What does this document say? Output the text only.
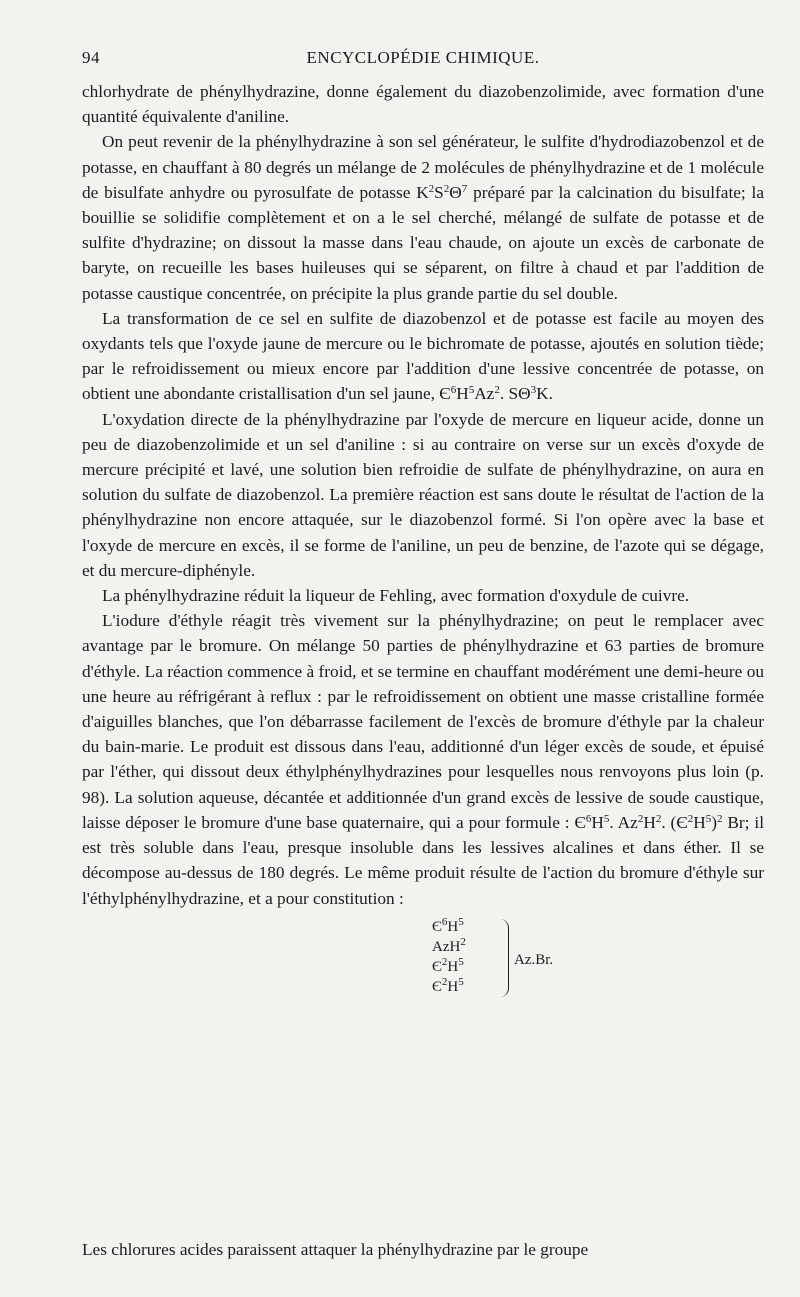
94	ENCYCLOPÉDIE CHIMIQUE.

chlorhydrate de phénylhydrazine, donne également du diazobenzolimide, avec formation d'une quantité équivalente d'aniline.

On peut revenir de la phénylhydrazine à son sel générateur, le sulfite d'hydrodiazobenzol et de potasse, en chauffant à 80 degrés un mélange de 2 molécules de phénylhydrazine et de 1 molécule de bisulfate anhydre ou pyrosulfate de potasse $K^2S^2\Theta^7$ préparé par la calcination du bisulfate; la bouillie se solidifie complètement et on a le sel cherché, mélangé de sulfate de potasse et de sulfite d'hydrazine; on dissout la masse dans l'eau chaude, on ajoute un excès de carbonate de baryte, on recueille les bases huileuses qui se séparent, on filtre à chaud et par l'addition de potasse caustique concentrée, on précipite la plus grande partie du sel double.

La transformation de ce sel en sulfite de diazobenzol et de potasse est facile au moyen des oxydants tels que l'oxyde jaune de mercure ou le bichromate de potasse, ajoutés en solution tiède; par le refroidissement ou mieux encore par l'addition d'une lessive concentrée de potasse, on obtient une abondante cristallisation d'un sel jaune, $Є^6H^5Az^2$. $S\Theta^3K$.

L'oxydation directe de la phénylhydrazine par l'oxyde de mercure en liqueur acide, donne un peu de diazobenzolimide et un sel d'aniline : si au contraire on verse sur un excès d'oxyde de mercure précipité et lavé, une solution bien refroidie de sulfate de phénylhydrazine, on aura en solution du sulfate de diazobenzol. La première réaction est sans doute le résultat de l'action de la phénylhydrazine non encore attaquée, sur le diazobenzol formé. Si l'on opère avec la base et l'oxyde de mercure en excès, il se forme de l'aniline, un peu de benzine, de l'azote qui se dégage, et du mercure-diphényle.

La phénylhydrazine réduit la liqueur de Fehling, avec formation d'oxydule de cuivre.

L'iodure d'éthyle réagit très vivement sur la phénylhydrazine; on peut le remplacer avec avantage par le bromure. On mélange 50 parties de phénylhydrazine et 63 parties de bromure d'éthyle. La réaction commence à froid, et se termine en chauffant modérément une demi-heure ou une heure au réfrigérant à reflux : par le refroidissement on obtient une masse cristalline formée d'aiguilles blanches, que l'on débarrasse facilement de l'excès de bromure d'éthyle par la chaleur du bain-marie. Le produit est dissous dans l'eau, additionné d'un léger excès de soude, et épuisé par l'éther, qui dissout deux éthylphénylhydrazines pour lesquelles nous renvoyons plus loin (p. 98). La solution aqueuse, décantée et additionnée d'un grand excès de lessive de soude caustique, laisse déposer le bromure d'une base quaternaire, qui a pour formule : $Є^6H^5$. $Az^2H^2$. $(Є^2H^5)^2$ Br; il est très soluble dans l'eau, presque insoluble dans les lessives alcalines et dans éther. Il se décompose au-dessus de 180 degrés. Le même produit résulte de l'action du bromure d'éthyle sur l'éthylphénylhydrazine, et a pour constitution :

$Є^6H^5$
AzH$^2$
$Є^2H^5$
$Є^2H^5$
Az.Br.
Les chlorures acides paraissent attaquer la phénylhydrazine par le groupe
